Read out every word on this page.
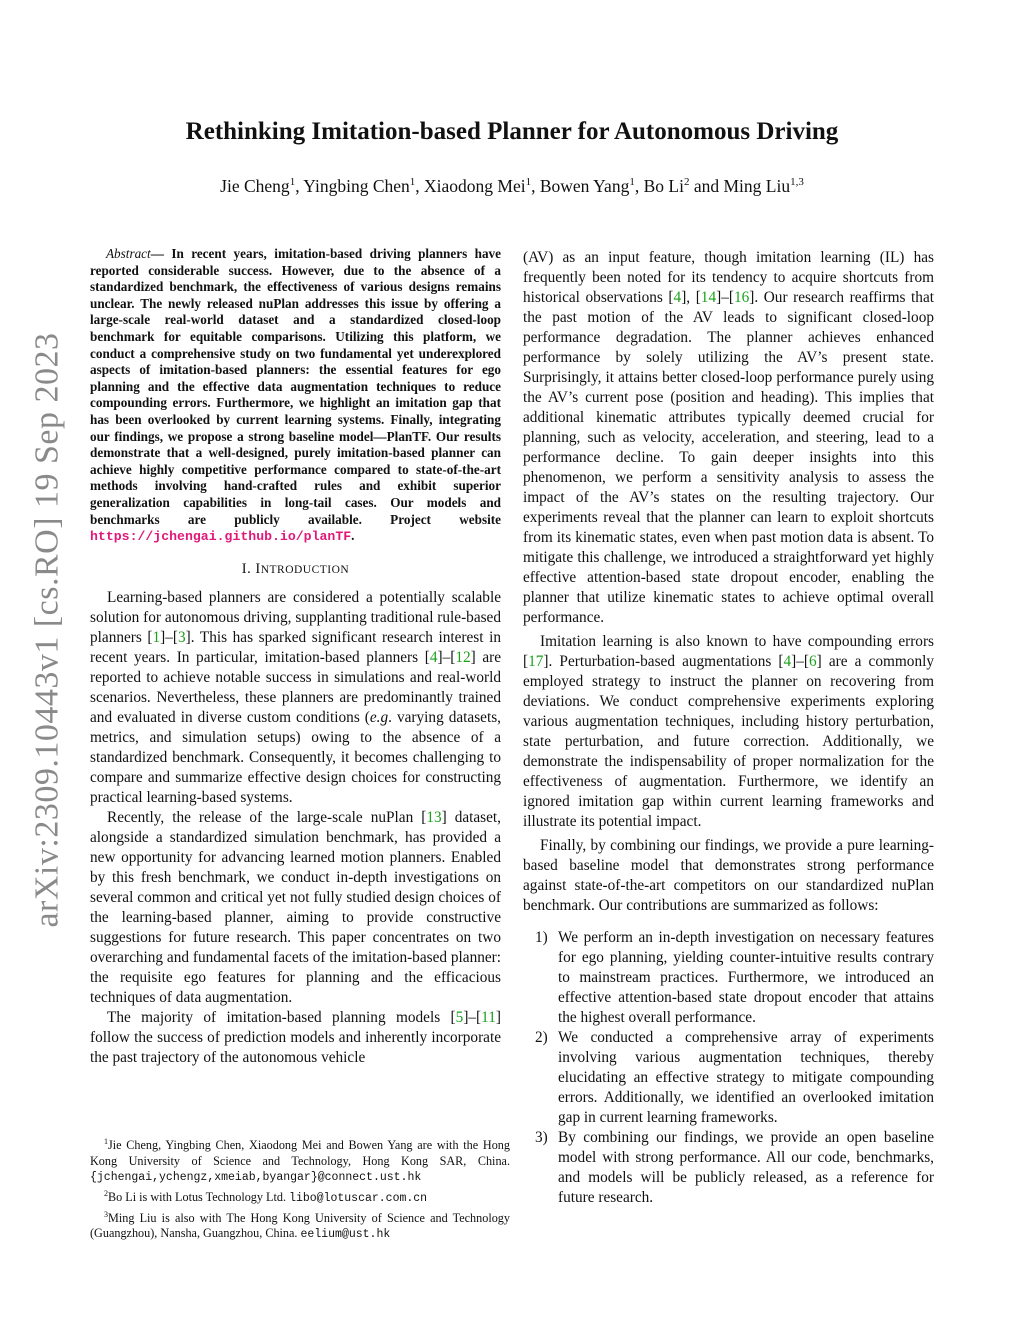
arXiv:2309.10443v1 [cs.RO] 19 Sep 2023
Rethinking Imitation-based Planner for Autonomous Driving
Jie Cheng$^1$, Yingbing Chen$^1$, Xiaodong Mei$^1$, Bowen Yang$^1$, Bo Li$^2$ and Ming Liu$^{1,3}$

Abstract— In recent years, imitation-based driving planners have reported considerable success. However, due to the absence of a standardized benchmark, the effectiveness of various designs remains unclear. The newly released nuPlan addresses this issue by offering a large-scale real-world dataset and a standardized closed-loop benchmark for equitable comparisons. Utilizing this platform, we conduct a comprehensive study on two fundamental yet underexplored aspects of imitation-based planners: the essential features for ego planning and the effective data augmentation techniques to reduce compounding errors. Furthermore, we highlight an imitation gap that has been overlooked by current learning systems. Finally, integrating our findings, we propose a strong baseline model—PlanTF. Our results demonstrate that a well-designed, purely imitation-based planner can achieve highly competitive performance compared to state-of-the-art methods involving hand-crafted rules and exhibit superior generalization capabilities in long-tail cases. Our models and benchmarks are publicly available. Project website https://jchengai.github.io/planTF.

I. INTRODUCTION

Learning-based planners are considered a potentially scalable solution for autonomous driving, supplanting traditional rule-based planners [1]–[3]. This has sparked significant research interest in recent years. In particular, imitation-based planners [4]–[12] are reported to achieve notable success in simulations and real-world scenarios. Nevertheless, these planners are predominantly trained and evaluated in diverse custom conditions (e.g. varying datasets, metrics, and simulation setups) owing to the absence of a standardized benchmark. Consequently, it becomes challenging to compare and summarize effective design choices for constructing practical learning-based systems.

Recently, the release of the large-scale nuPlan [13] dataset, alongside a standardized simulation benchmark, has provided a new opportunity for advancing learned motion planners. Enabled by this fresh benchmark, we conduct in-depth investigations on several common and critical yet not fully studied design choices of the learning-based planner, aiming to provide constructive suggestions for future research. This paper concentrates on two overarching and fundamental facets of the imitation-based planner: the requisite ego features for planning and the efficacious techniques of data augmentation.

The majority of imitation-based planning models [5]–[11] follow the success of prediction models and inherently incorporate the past trajectory of the autonomous vehicle

$^1$Jie Cheng, Yingbing Chen, Xiaodong Mei and Bowen Yang are with the Hong Kong University of Science and Technology, Hong Kong SAR, China.{jchengai,ychengz,xmeiab,byangar}@connect.ust.hk

$^2$Bo Li is with Lotus Technology Ltd. libo@lotuscar.com.cn

$^3$Ming Liu is also with The Hong Kong University of Science and Technology (Guangzhou), Nansha, Guangzhou, China. eelium@ust.hk

(AV) as an input feature, though imitation learning (IL) has frequently been noted for its tendency to acquire shortcuts from historical observations [4], [14]–[16]. Our research reaffirms that the past motion of the AV leads to significant closed-loop performance degradation. The planner achieves enhanced performance by solely utilizing the AV’s present state. Surprisingly, it attains better closed-loop performance purely using the AV’s current pose (position and heading). This implies that additional kinematic attributes typically deemed crucial for planning, such as velocity, acceleration, and steering, lead to a performance decline. To gain deeper insights into this phenomenon, we perform a sensitivity analysis to assess the impact of the AV’s states on the resulting trajectory. Our experiments reveal that the planner can learn to exploit shortcuts from its kinematic states, even when past motion data is absent. To mitigate this challenge, we introduced a straightforward yet highly effective attention-based state dropout encoder, enabling the planner that utilize kinematic states to achieve optimal overall performance.

Imitation learning is also known to have compounding errors [17]. Perturbation-based augmentations [4]–[6] are a commonly employed strategy to instruct the planner on recovering from deviations. We conduct comprehensive experiments exploring various augmentation techniques, including history perturbation, state perturbation, and future correction. Additionally, we demonstrate the indispensability of proper normalization for the effectiveness of augmentation. Furthermore, we identify an ignored imitation gap within current learning frameworks and illustrate its potential impact.

Finally, by combining our findings, we provide a pure learning-based baseline model that demonstrates strong performance against state-of-the-art competitors on our standardized nuPlan benchmark. Our contributions are summarized as follows:

1) We perform an in-depth investigation on necessary features for ego planning, yielding counter-intuitive results contrary to mainstream practices. Furthermore, we introduced an effective attention-based state dropout encoder that attains the highest overall performance.
2) We conducted a comprehensive array of experiments involving various augmentation techniques, thereby elucidating an effective strategy to mitigate compounding errors. Additionally, we identified an overlooked imitation gap in current learning frameworks.
3) By combining our findings, we provide an open baseline model with strong performance. All our code, benchmarks, and models will be publicly released, as a reference for future research.
